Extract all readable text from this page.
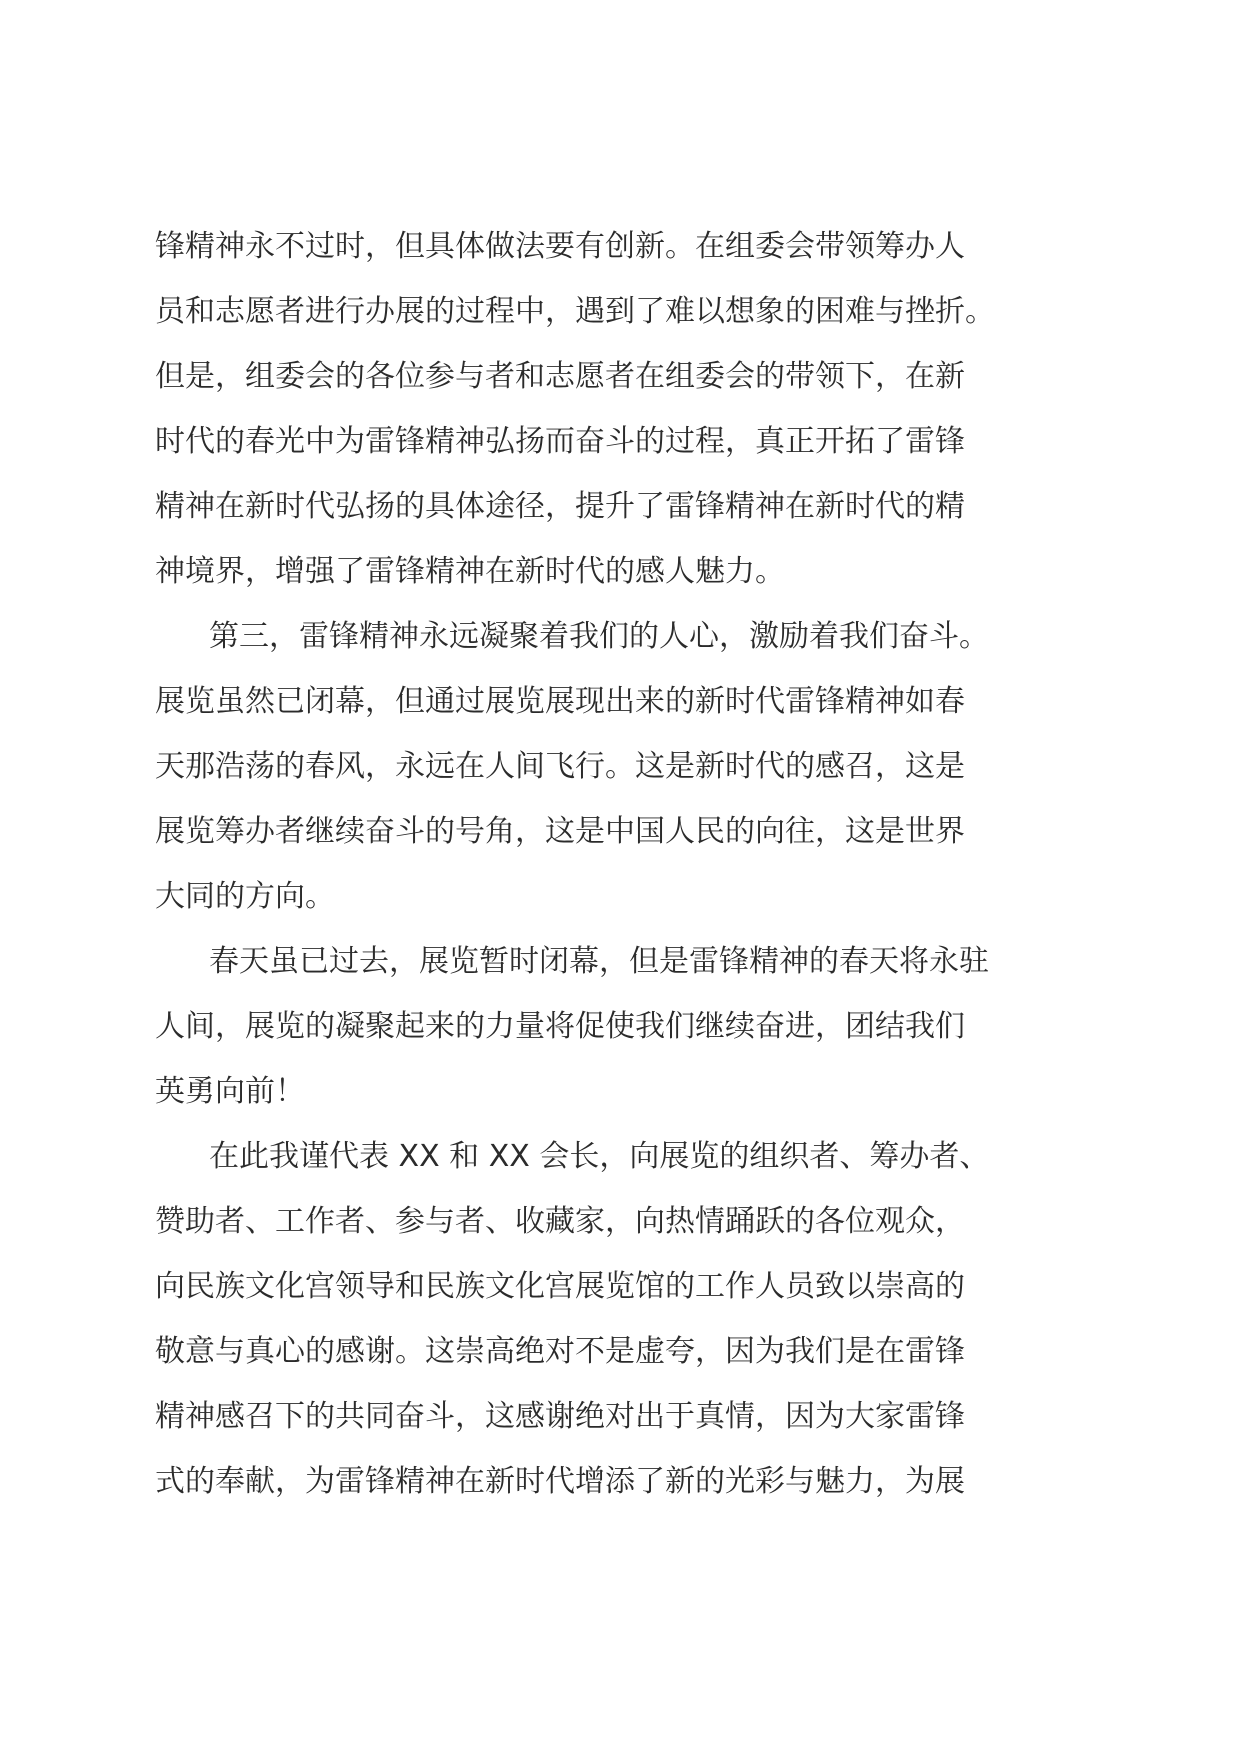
锋精神永不过时，但具体做法要有创新。在组委会带领筹办人
员和志愿者进行办展的过程中，遇到了难以想象的困难与挫折。
但是，组委会的各位参与者和志愿者在组委会的带领下，在新
时代的春光中为雷锋精神弘扬而奋斗的过程，真正开拓了雷锋
精神在新时代弘扬的具体途径，提升了雷锋精神在新时代的精
神境界，增强了雷锋精神在新时代的感人魅力。
第三，雷锋精神永远凝聚着我们的人心，激励着我们奋斗。
展览虽然已闭幕，但通过展览展现出来的新时代雷锋精神如春
天那浩荡的春风，永远在人间飞行。这是新时代的感召，这是
展览筹办者继续奋斗的号角，这是中国人民的向往，这是世界
大同的方向。
春天虽已过去，展览暂时闭幕，但是雷锋精神的春天将永驻
人间，展览的凝聚起来的力量将促使我们继续奋进，团结我们
英勇向前！
在此我谨代表 XX 和 XX 会长，向展览的组织者、筹办者、
赞助者、工作者、参与者、收藏家，向热情踊跃的各位观众，
向民族文化宫领导和民族文化宫展览馆的工作人员致以崇高的
敬意与真心的感谢。这崇高绝对不是虚夸，因为我们是在雷锋
精神感召下的共同奋斗，这感谢绝对出于真情，因为大家雷锋
式的奉献，为雷锋精神在新时代增添了新的光彩与魅力，为展
